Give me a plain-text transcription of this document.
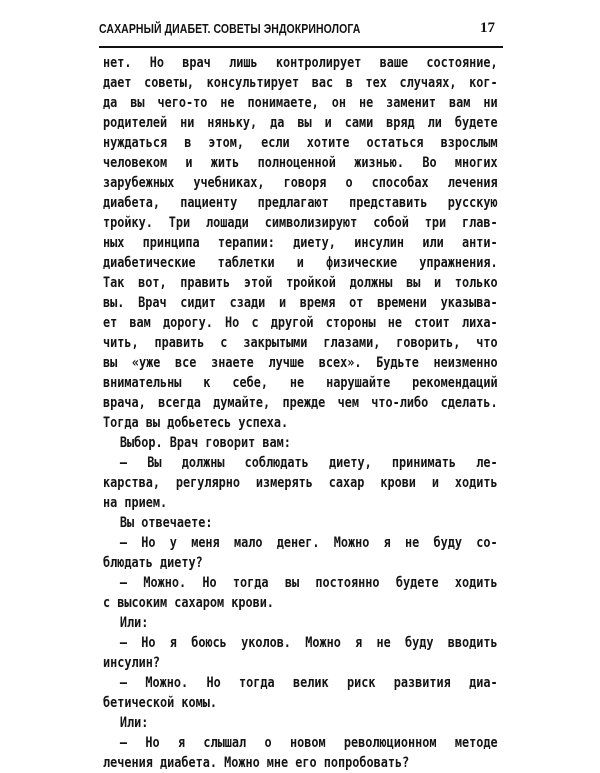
САХАРНЫЙ ДИАБЕТ. СОВЕТЫ ЭНДОКРИНОЛОГА	17
нет. Но врач лишь контролирует ваше состояние,
дает советы, консультирует вас в тех случаях, ког-
да вы чего-то не понимаете, он не заменит вам ни
родителей ни няньку, да вы и сами вряд ли будете
нуждаться в этом, если хотите остаться взрослым
человеком и жить полноценной жизнью. Во многих
зарубежных учебниках, говоря о способах лечения
диабета, пациенту предлагают представить русскую
тройку. Три лошади символизируют собой три глав-
ных принципа терапии: диету, инсулин или анти-
диабетические таблетки и физические упражнения.
Так вот, править этой тройкой должны вы и только
вы. Врач сидит сзади и время от времени указыва-
ет вам дорогу. Но с другой стороны не стоит лиха-
чить, править с закрытыми глазами, говорить, что
вы «уже все знаете лучше всех». Будьте неизменно
внимательны к себе, не нарушайте рекомендаций
врача, всегда думайте, прежде чем что-либо сделать.
Тогда вы добьетесь успеха.
Выбор. Врач говорит вам:
— Вы должны соблюдать диету, принимать ле-
карства, регулярно измерять сахар крови и ходить
на прием.
Вы отвечаете:
— Но у меня мало денег. Можно я не буду со-
блюдать диету?
— Можно. Но тогда вы постоянно будете ходить
с высоким сахаром крови.
Или:
— Но я боюсь уколов. Можно я не буду вводить
инсулин?
— Можно. Но тогда велик риск развития диа-
бетической комы.
Или:
— Но я слышал о новом революционном методе
лечения диабета. Можно мне его попробовать?
